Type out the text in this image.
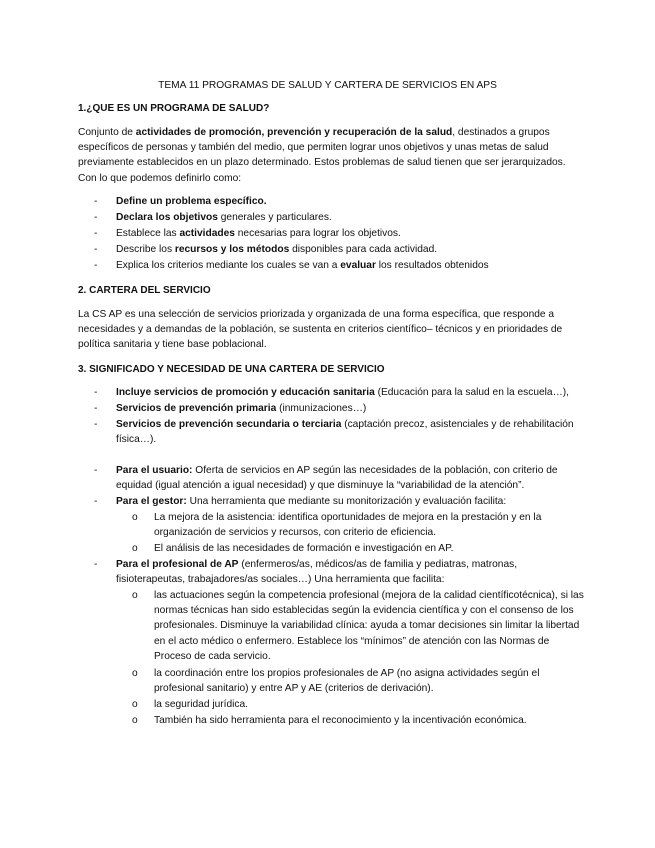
TEMA 11 PROGRAMAS DE SALUD Y CARTERA DE SERVICIOS EN APS
1.¿QUE ES UN PROGRAMA DE SALUD?
Conjunto de actividades de promoción, prevención y recuperación de la salud, destinados a grupos específicos de personas y también del medio, que permiten lograr unos objetivos y unas metas de salud previamente establecidos en un plazo determinado. Estos problemas de salud tienen que ser jerarquizados. Con lo que podemos definirlo como:
- Define un problema específico.
- Declara los objetivos generales y particulares.
- Establece las actividades necesarias para lograr los objetivos.
- Describe los recursos y los métodos disponibles para cada actividad.
- Explica los criterios mediante los cuales se van a evaluar los resultados obtenidos
2. CARTERA DEL SERVICIO
La CS AP es una selección de servicios priorizada y organizada de una forma específica, que responde a necesidades y a demandas de la población, se sustenta en criterios científico– técnicos y en prioridades de política sanitaria y tiene base poblacional.
3. SIGNIFICADO Y NECESIDAD DE UNA CARTERA DE SERVICIO
- Incluye servicios de promoción y educación sanitaria (Educación para la salud en la escuela…),
- Servicios de prevención primaria (inmunizaciones…)
- Servicios de prevención secundaria o terciaria (captación precoz, asistenciales y de rehabilitación física…).
- Para el usuario: Oferta de servicios en AP según las necesidades de la población, con criterio de equidad (igual atención a igual necesidad) y que disminuye la “variabilidad de la atención”.
- Para el gestor: Una herramienta que mediante su monitorización y evaluación facilita:
o La mejora de la asistencia: identifica oportunidades de mejora en la prestación y en la organización de servicios y recursos, con criterio de eficiencia.
o El análisis de las necesidades de formación e investigación en AP.
- Para el profesional de AP (enfermeros/as, médicos/as de familia y pediatras, matronas, fisioterapeutas, trabajadores/as sociales…) Una herramienta que facilita:
o las actuaciones según la competencia profesional (mejora de la calidad científicotécnica), si las normas técnicas han sido establecidas según la evidencia científica y con el consenso de los profesionales. Disminuye la variabilidad clínica: ayuda a tomar decisiones sin limitar la libertad en el acto médico o enfermero. Establece los “mínimos” de atención con las Normas de Proceso de cada servicio.
o la coordinación entre los propios profesionales de AP (no asigna actividades según el profesional sanitario) y entre AP y AE (criterios de derivación).
o la seguridad jurídica.
o También ha sido herramienta para el reconocimiento y la incentivación económica.
